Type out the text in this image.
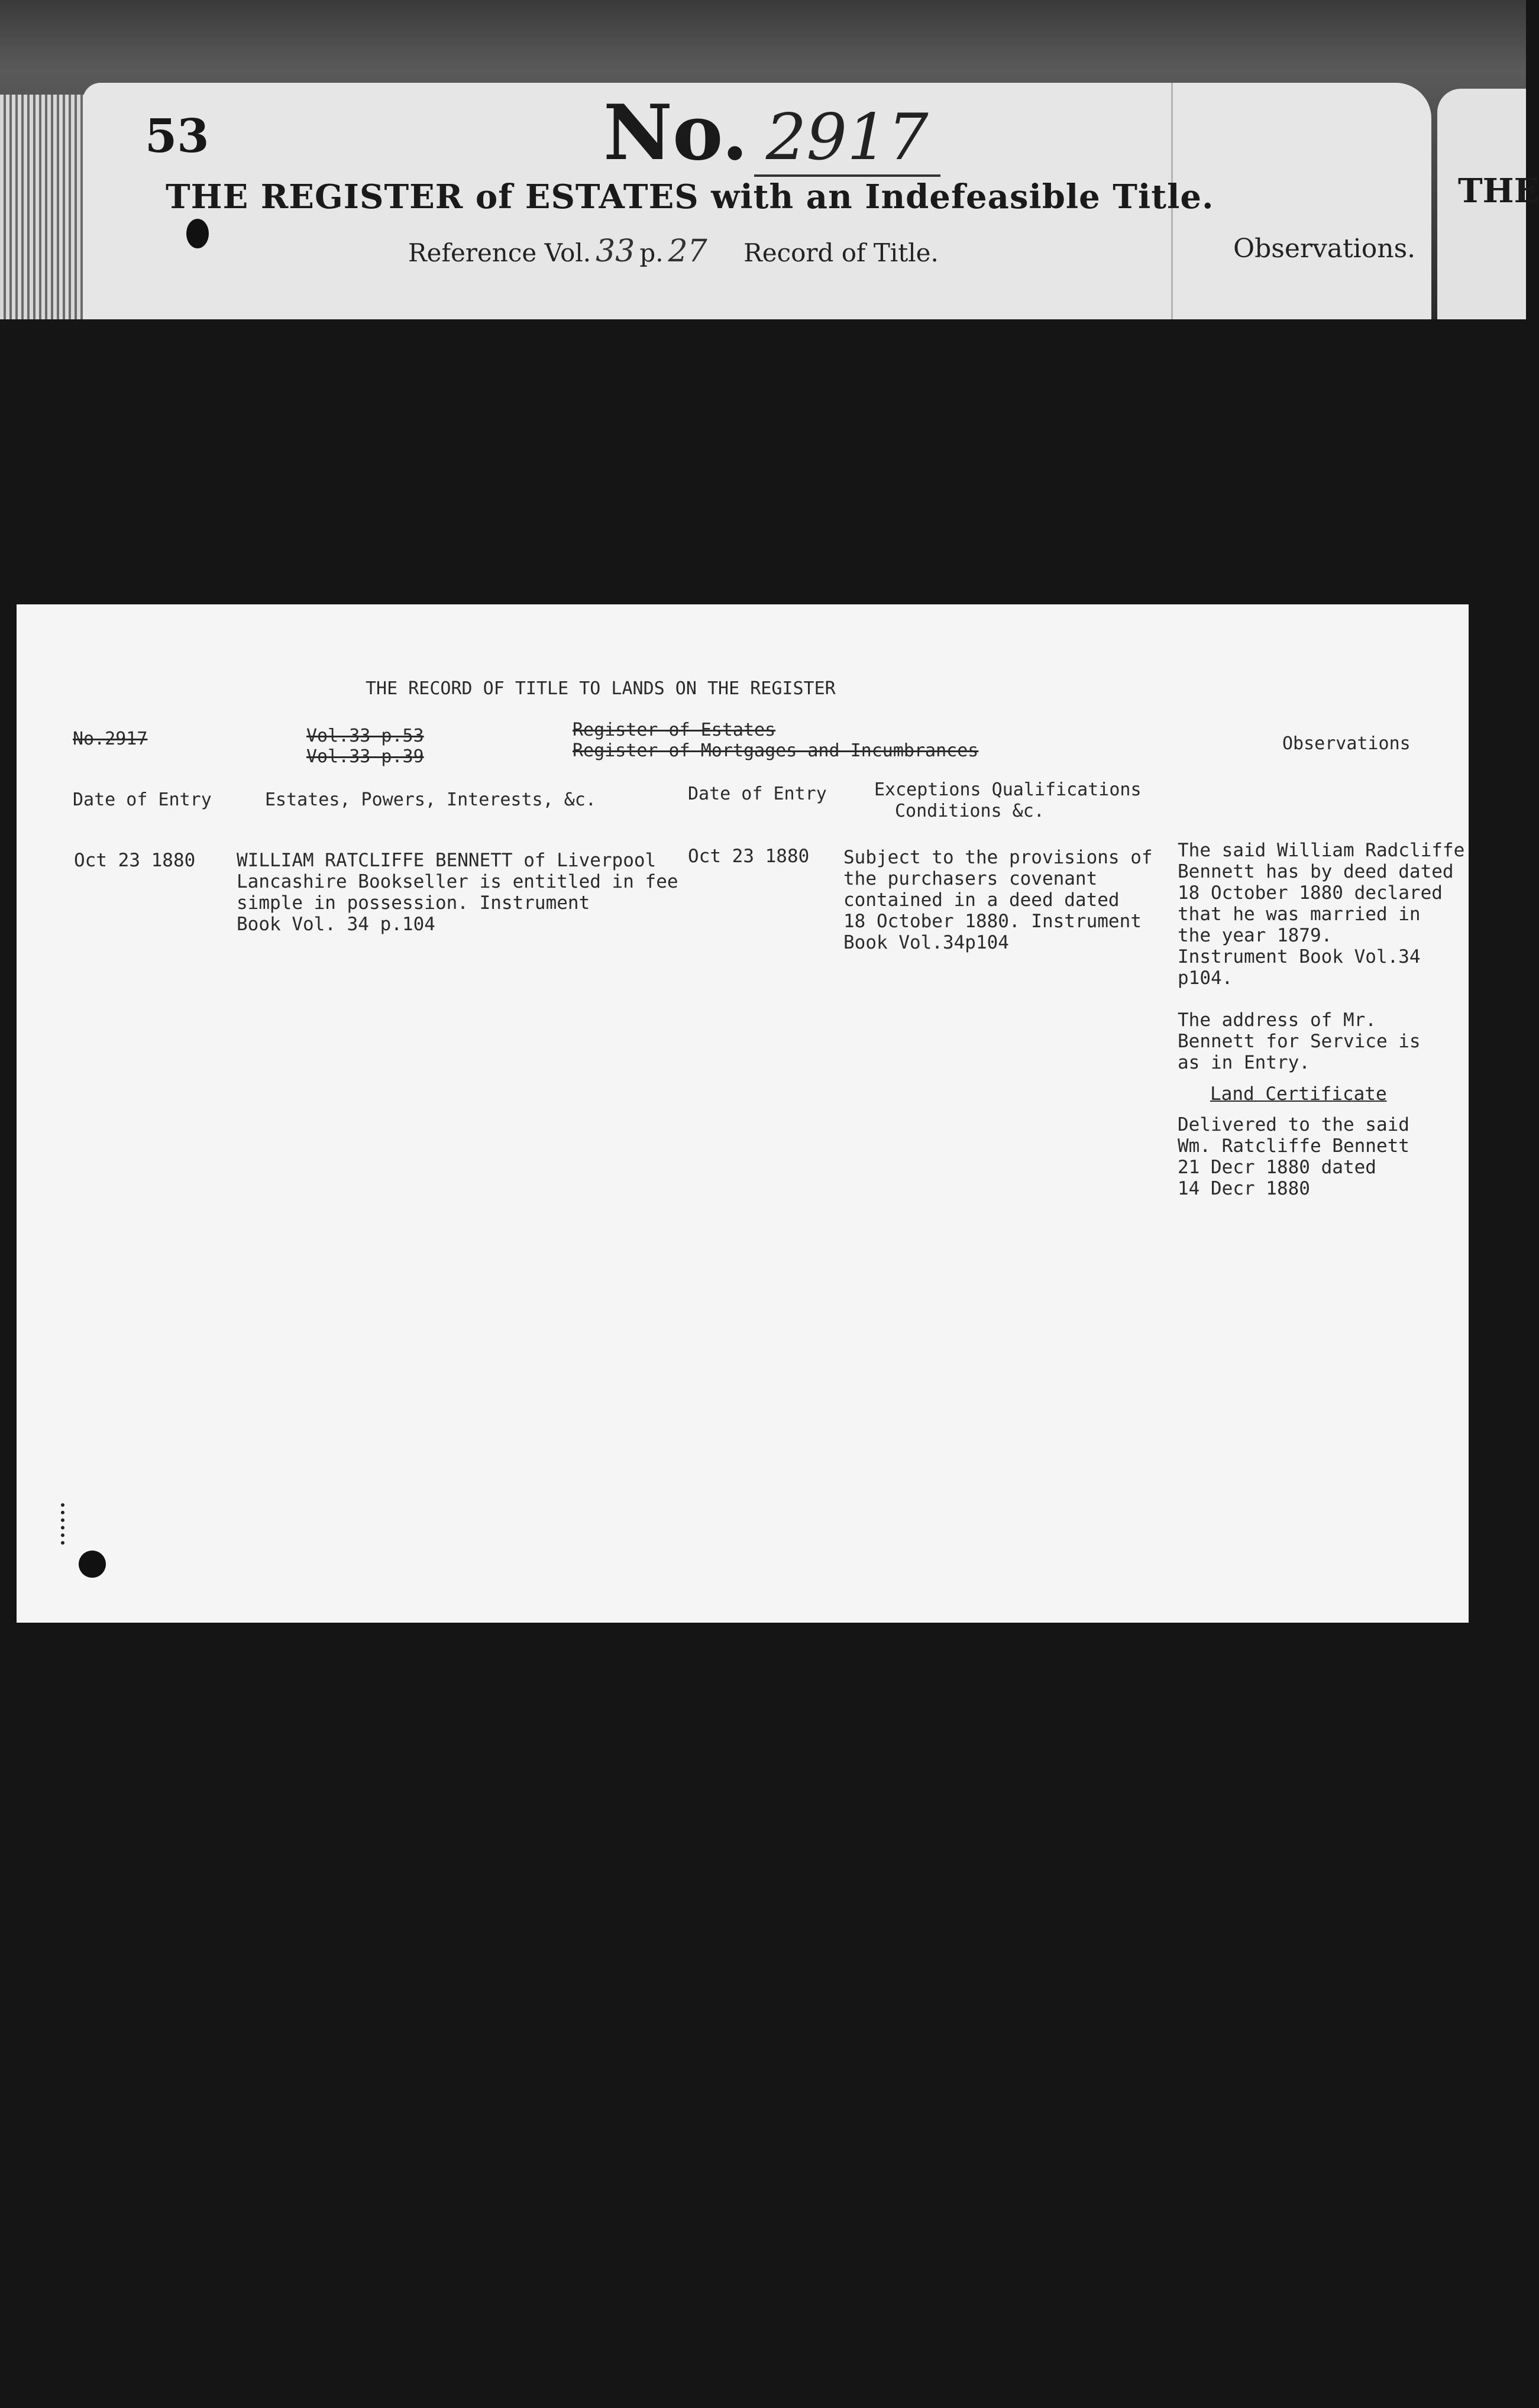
53	No. 2917
THE REGISTER of ESTATES with an Indefeasible Title.
Reference Vol. 33 p. 27 Record of Title.	Observations.
THE
THE RECORD OF TITLE TO LANDS ON THE REGISTER
No.2917	Vol.33 p.53
Vol.33 p.39
Register of Estates
Register of Mortgages and Incumbrances	Observations
Date of Entry	Estates, Powers, Interests, &c.	Date of Entry	Exceptions Qualifications
Conditions &c.
Oct 23 1880 WILLIAM RATCLIFFE BENNETT of Liverpool
Lancashire Bookseller is entitled in fee
simple in possession. Instrument
Book Vol. 34 p.104
Oct 23 1880 Subject to the provisions of
the purchasers covenant
contained in a deed dated
18 October 1880. Instrument
Book Vol.34p104
The said William Radcliffe
Bennett has by deed dated
18 October 1880 declared
that he was married in
the year 1879.
Instrument Book Vol.34
p104.
The address of Mr.
Bennett for Service is
as in Entry.
Land Certificate
Delivered to the said
Wm. Ratcliffe Bennett
21 Decr 1880 dated
14 Decr 1880
